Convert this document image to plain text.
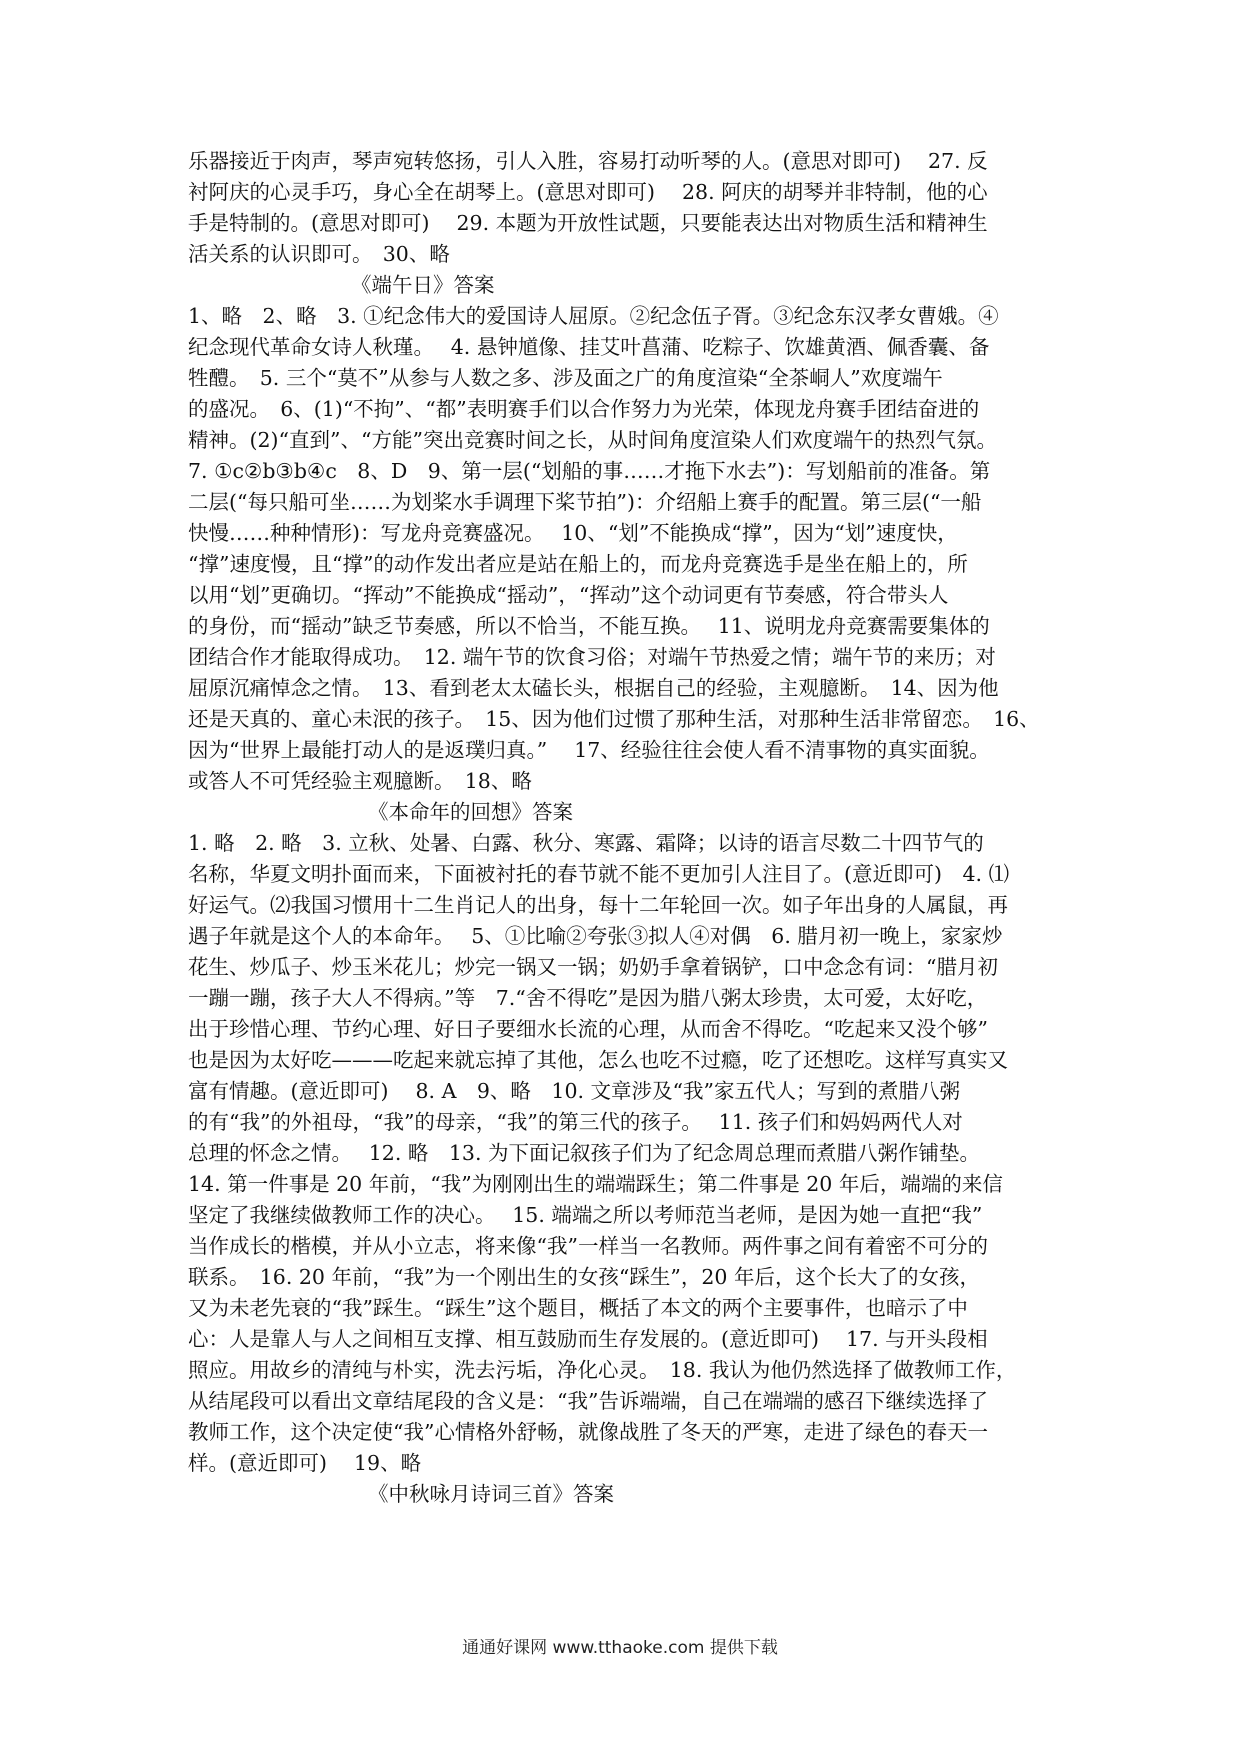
乐器接近于肉声，琴声宛转悠扬，引人入胜，容易打动听琴的人。(意思对即可)　 27. 反
衬阿庆的心灵手巧，身心全在胡琴上。(意思对即可)　 28. 阿庆的胡琴并非特制，他的心
手是特制的。(意思对即可)　 29. 本题为开放性试题，只要能表达出对物质生活和精神生
活关系的认识即可。　30、略
《端午日》答案
1、略　2、略　3. ①纪念伟大的爱国诗人屈原。②纪念伍子胥。③纪念东汉孝女曹娥。④
纪念现代革命女诗人秋瑾。　 4. 悬钟馗像、挂艾叶菖蒲、吃粽子、饮雄黄酒、佩香囊、备
牲醴。　5. 三个“莫不”从参与人数之多、涉及面之广的角度渲染“全茶峒人”欢度端午
的盛况。　6、(1)“不拘”、“都”表明赛手们以合作努力为光荣，体现龙舟赛手团结奋进的
精神。(2)“直到”、“方能”突出竞赛时间之长，从时间角度渲染人们欢度端午的热烈气氛。
7. ①c②b③b④c　8、D　9、第一层(“划船的事……才拖下水去”)：写划船前的准备。第
二层(“每只船可坐……为划桨水手调理下桨节拍”)：介绍船上赛手的配置。第三层(“一船
快慢……种种情形)：写龙舟竞赛盛况。　 10、“划”不能换成“撑”，因为“划”速度快，
“撑”速度慢，且“撑”的动作发出者应是站在船上的，而龙舟竞赛选手是坐在船上的，所
以用“划”更确切。“挥动”不能换成“摇动”，“挥动”这个动词更有节奏感，符合带头人
的身份，而“摇动”缺乏节奏感，所以不恰当，不能互换。　 11、说明龙舟竞赛需要集体的
团结合作才能取得成功。　12. 端午节的饮食习俗；对端午节热爱之情；端午节的来历；对
屈原沉痛悼念之情。　13、看到老太太磕长头，根据自己的经验，主观臆断。　14、因为他
还是天真的、童心未泯的孩子。　15、因为他们过惯了那种生活，对那种生活非常留恋。　16、
因为“世界上最能打动人的是返璞归真。”　 17、经验往往会使人看不清事物的真实面貌。
或答人不可凭经验主观臆断。　18、略
《本命年的回想》答案
1. 略　2. 略　3. 立秋、处暑、白露、秋分、寒露、霜降；以诗的语言尽数二十四节气的
名称，华夏文明扑面而来，下面被衬托的春节就不能不更加引人注目了。(意近即可)　4. ⑴
好运气。⑵我国习惯用十二生肖记人的出身，每十二年轮回一次。如子年出身的人属鼠，再
遇子年就是这个人的本命年。　 5、①比喻②夸张③拟人④对偶　6. 腊月初一晚上，家家炒
花生、炒瓜子、炒玉米花儿；炒完一锅又一锅；奶奶手拿着锅铲，口中念念有词：“腊月初
一蹦一蹦，孩子大人不得病。”等　7.“舍不得吃”是因为腊八粥太珍贵，太可爱，太好吃，
出于珍惜心理、节约心理、好日子要细水长流的心理，从而舍不得吃。“吃起来又没个够”
也是因为太好吃———吃起来就忘掉了其他，怎么也吃不过瘾，吃了还想吃。这样写真实又
富有情趣。(意近即可)　 8. A　9、略　10. 文章涉及“我”家五代人；写到的煮腊八粥
的有“我”的外祖母，“我”的母亲，“我”的第三代的孩子。　 11. 孩子们和妈妈两代人对
总理的怀念之情。　 12. 略　13. 为下面记叙孩子们为了纪念周总理而煮腊八粥作铺垫。
14. 第一件事是 20 年前，“我”为刚刚出生的端端踩生；第二件事是 20 年后，端端的来信
坚定了我继续做教师工作的决心。　 15. 端端之所以考师范当老师，是因为她一直把“我”
当作成长的楷模，并从小立志，将来像“我”一样当一名教师。两件事之间有着密不可分的
联系。　16. 20 年前，“我”为一个刚出生的女孩“踩生”，20 年后，这个长大了的女孩，
又为未老先衰的“我”踩生。“踩生”这个题目，概括了本文的两个主要事件，也暗示了中
心：人是靠人与人之间相互支撑、相互鼓励而生存发展的。(意近即可)　 17. 与开头段相
照应。用故乡的清纯与朴实，洗去污垢，净化心灵。　18. 我认为他仍然选择了做教师工作，
从结尾段可以看出文章结尾段的含义是：“我”告诉端端，自己在端端的感召下继续选择了
教师工作，这个决定使“我”心情格外舒畅，就像战胜了冬天的严寒，走进了绿色的春天一
样。(意近即可)　 19、略
《中秋咏月诗词三首》答案
通通好课网 www.tthaoke.com 提供下载
